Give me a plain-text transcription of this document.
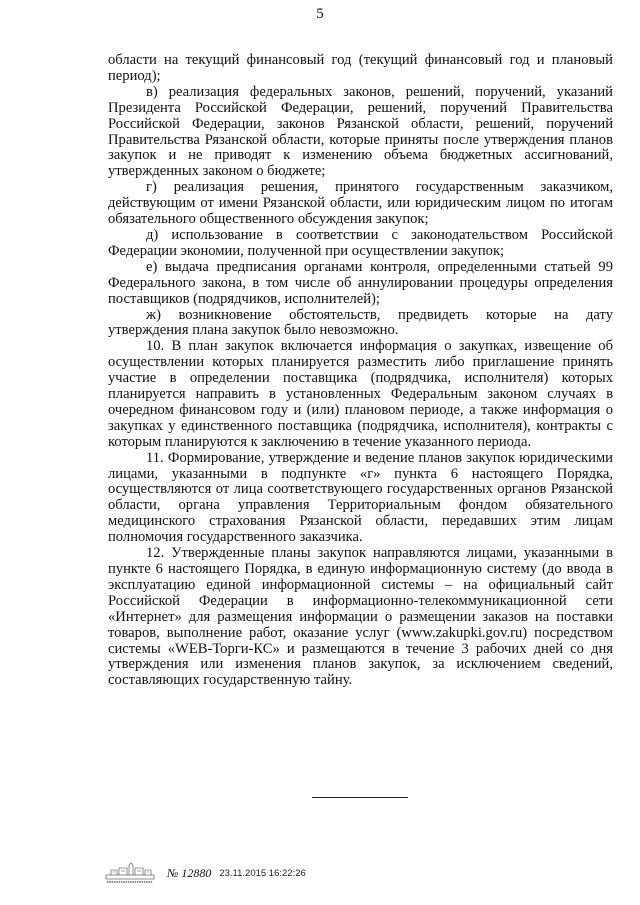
5

области на текущий финансовый год (текущий финансовый год и плановый период);

в) реализация федеральных законов, решений, поручений, указаний Президента Российской Федерации, решений, поручений Правительства Российской Федерации, законов Рязанской области, решений, поручений Правительства Рязанской области, которые приняты после утверждения планов закупок и не приводят к изменению объема бюджетных ассигнований, утвержденных законом о бюджете;

г) реализация решения, принятого государственным заказчиком, действующим от имени Рязанской области, или юридическим лицом по итогам обязательного общественного обсуждения закупок;

д) использование в соответствии с законодательством Российской Федерации экономии, полученной при осуществлении закупок;

е) выдача предписания органами контроля, определенными статьей 99 Федерального закона, в том числе об аннулировании процедуры определения поставщиков (подрядчиков, исполнителей);

ж) возникновение обстоятельств, предвидеть которые на дату утверждения плана закупок было невозможно.

10. В план закупок включается информация о закупках, извещение об осуществлении которых планируется разместить либо приглашение принять участие в определении поставщика (подрядчика, исполнителя) которых планируется направить в установленных Федеральным законом случаях в очередном финансовом году и (или) плановом периоде, а также информация о закупках у единственного поставщика (подрядчика, исполнителя), контракты с которым планируются к заключению в течение указанного периода.

11. Формирование, утверждение и ведение планов закупок юридическими лицами, указанными в подпункте «г» пункта 6 настоящего Порядка, осуществляются от лица соответствующего государственных органов Рязанской области, органа управления Территориальным фондом обязательного медицинского страхования Рязанской области, передавших этим лицам полномочия государственного заказчика.

12. Утвержденные планы закупок направляются лицами, указанными в пункте 6 настоящего Порядка, в единую информационную систему (до ввода в эксплуатацию единой информационной системы – на официальный сайт Российской Федерации в информационно-телекоммуникационной сети «Интернет» для размещения информации о размещении заказов на поставки товаров, выполнение работ, оказание услуг (www.zakupki.gov.ru) посредством системы «WEB-Торги-КС» и размещаются в течение 3 рабочих дней со дня утверждения или изменения планов закупок, за исключением сведений, составляющих государственную тайну.

№ 12880 23.11.2015 16:22:26
